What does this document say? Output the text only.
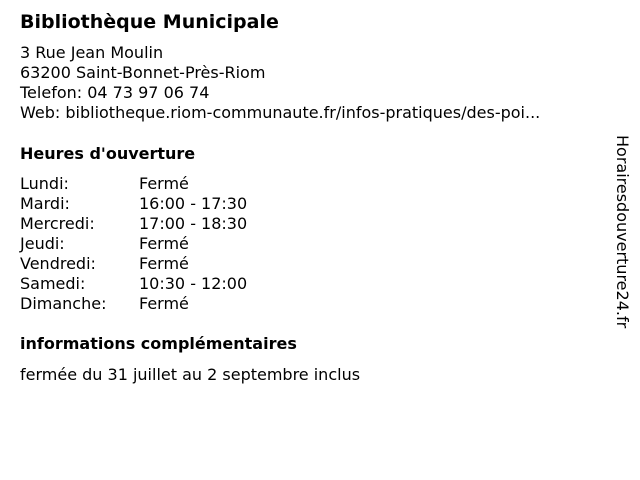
Bibliothèque Municipale
3 Rue Jean Moulin
63200 Saint-Bonnet-Près-Riom
Telefon: 04 73 97 06 74
Web: bibliotheque.riom-communaute.fr/infos-pratiques/des-poi...
Heures d'ouverture
Lundi:	Fermé
Mardi:	16:00 - 17:30
Mercredi:	17:00 - 18:30
Jeudi:	Fermé
Vendredi:	Fermé
Samedi:	10:30 - 12:00
Dimanche: Fermé
informations complémentaires
fermée du 31 juillet au 2 septembre inclus
Horairesdouverture24.fr
